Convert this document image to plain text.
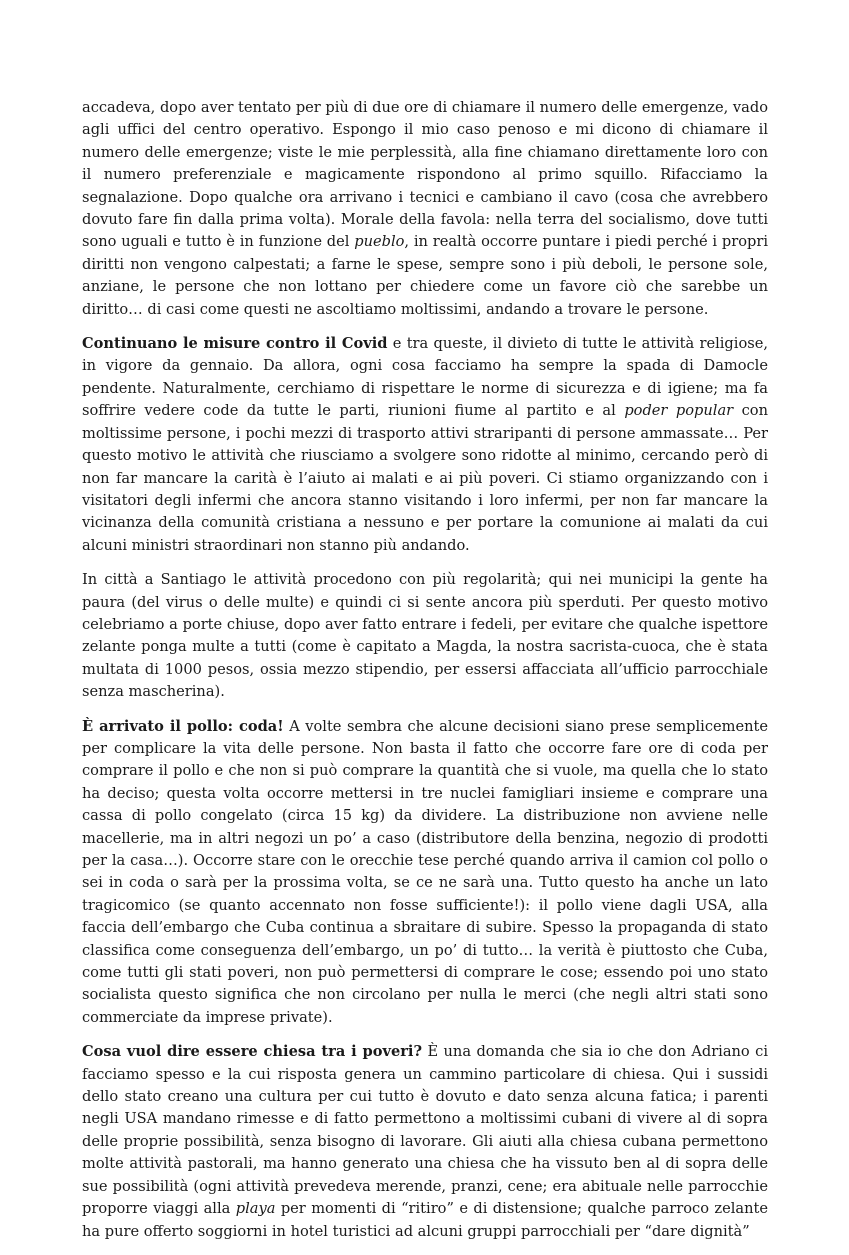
accadeva, dopo aver tentato per più di due ore di chiamare il numero delle emergenze, vado agli uffici del centro operativo. Espongo il mio caso penoso e mi dicono di chiamare il numero delle emergenze; viste le mie perplessità, alla fine chiamano direttamente loro con il numero preferenziale e magicamente rispondono al primo squillo. Rifacciamo la segnalazione. Dopo qualche ora arrivano i tecnici e cambiano il cavo (cosa che avrebbero dovuto fare fin dalla prima volta). Morale della favola: nella terra del socialismo, dove tutti sono uguali e tutto è in funzione del pueblo, in realtà occorre puntare i piedi perché i propri diritti non vengono calpestati; a farne le spese, sempre sono i più deboli, le persone sole, anziane, le persone che non lottano per chiedere come un favore ciò che sarebbe un diritto… di casi come questi ne ascoltiamo moltissimi, andando a trovare le persone.

Continuano le misure contro il Covid e tra queste, il divieto di tutte le attività religiose, in vigore da gennaio. Da allora, ogni cosa facciamo ha sempre la spada di Damocle pendente. Naturalmente, cerchiamo di rispettare le norme di sicurezza e di igiene; ma fa soffrire vedere code da tutte le parti, riunioni fiume al partito e al poder popular con moltissime persone, i pochi mezzi di trasporto attivi straripanti di persone ammassate… Per questo motivo le attività che riusciamo a svolgere sono ridotte al minimo, cercando però di non far mancare la carità è l’aiuto ai malati e ai più poveri. Ci stiamo organizzando con i visitatori degli infermi che ancora stanno visitando i loro infermi, per non far mancare la vicinanza della comunità cristiana a nessuno e per portare la comunione ai malati da cui alcuni ministri straordinari non stanno più andando.

In città a Santiago le attività procedono con più regolarità; qui nei municipi la gente ha paura (del virus o delle multe) e quindi ci si sente ancora più sperduti. Per questo motivo celebriamo a porte chiuse, dopo aver fatto entrare i fedeli, per evitare che qualche ispettore zelante ponga multe a tutti (come è capitato a Magda, la nostra sacrista-cuoca, che è stata multata di 1000 pesos, ossia mezzo stipendio, per essersi affacciata all’ufficio parrocchiale senza mascherina).

È arrivato il pollo: coda! A volte sembra che alcune decisioni siano prese semplicemente per complicare la vita delle persone. Non basta il fatto che occorre fare ore di coda per comprare il pollo e che non si può comprare la quantità che si vuole, ma quella che lo stato ha deciso; questa volta occorre mettersi in tre nuclei famigliari insieme e comprare una cassa di pollo congelato (circa 15 kg) da dividere. La distribuzione non avviene nelle macellerie, ma in altri negozi un po’ a caso (distributore della benzina, negozio di prodotti per la casa…). Occorre stare con le orecchie tese perché quando arriva il camion col pollo o sei in coda o sarà per la prossima volta, se ce ne sarà una. Tutto questo ha anche un lato tragicomico (se quanto accennato non fosse sufficiente!): il pollo viene dagli USA, alla faccia dell’embargo che Cuba continua a sbraitare di subire. Spesso la propaganda di stato classifica come conseguenza dell’embargo, un po’ di tutto… la verità è piuttosto che Cuba, come tutti gli stati poveri, non può permettersi di comprare le cose; essendo poi uno stato socialista questo significa che non circolano per nulla le merci (che negli altri stati sono commerciate da imprese private).

Cosa vuol dire essere chiesa tra i poveri? È una domanda che sia io che don Adriano ci facciamo spesso e la cui risposta genera un cammino particolare di chiesa. Qui i sussidi dello stato creano una cultura per cui tutto è dovuto e dato senza alcuna fatica; i parenti negli USA mandano rimesse e di fatto permettono a moltissimi cubani di vivere al di sopra delle proprie possibilità, senza bisogno di lavorare. Gli aiuti alla chiesa cubana permettono molte attività pastorali, ma hanno generato una chiesa che ha vissuto ben al di sopra delle sue possibilità (ogni attività prevedeva merende, pranzi, cene; era abituale nelle parrocchie proporre viaggi alla playa per momenti di “ritiro” e di distensione; qualche parroco zelante ha pure offerto soggiorni in hotel turistici ad alcuni gruppi parrocchiali per “dare dignità”
